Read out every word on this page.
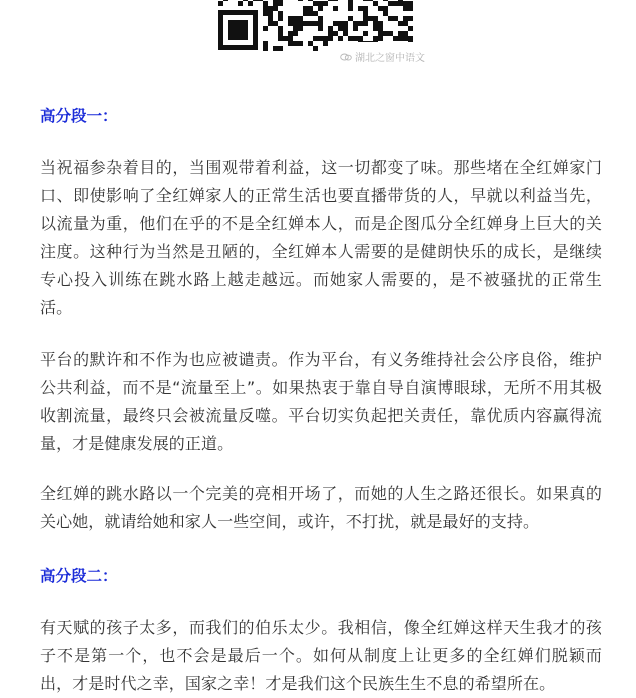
湖北之窗中语文
高分段一：

当祝福参杂着目的，当围观带着利益，这一切都变了味。那些堵在全红婵家门口、即使影响了全红婵家人的正常生活也要直播带货的人，早就以利益当先，以流量为重，他们在乎的不是全红婵本人，而是企图瓜分全红婵身上巨大的关注度。这种行为当然是丑陋的，全红婵本人需要的是健朗快乐的成长，是继续专心投入训练在跳水路上越走越远。而她家人需要的，是不被骚扰的正常生活。

平台的默许和不作为也应被谴责。作为平台，有义务维持社会公序良俗，维护公共利益，而不是“流量至上”。如果热衷于靠自导自演博眼球，无所不用其极收割流量，最终只会被流量反噬。平台切实负起把关责任，靠优质内容赢得流量，才是健康发展的正道。

全红婵的跳水路以一个完美的亮相开场了，而她的人生之路还很长。如果真的关心她，就请给她和家人一些空间，或许，不打扰，就是最好的支持。

高分段二：

有天赋的孩子太多，而我们的伯乐太少。我相信，像全红婵这样天生我才的孩子不是第一个，也不会是最后一个。如何从制度上让更多的全红婵们脱颖而出，才是时代之幸，国家之幸！才是我们这个民族生生不息的希望所在。
